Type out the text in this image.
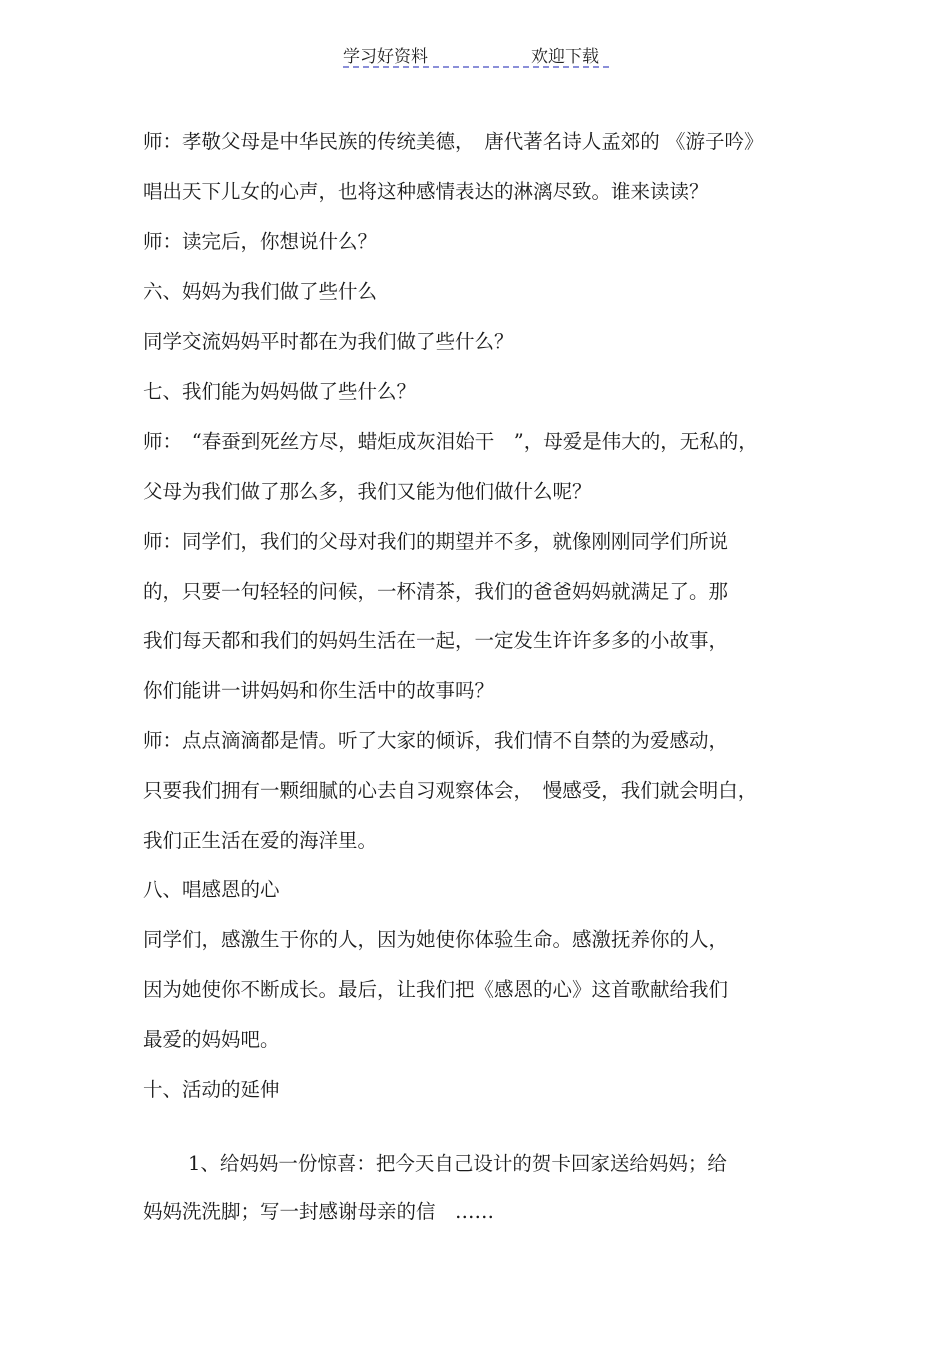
学习好资料	欢迎下载
师：孝敬父母是中华民族的传统美德，　唐代著名诗人孟郊的 《游子吟》
唱出天下儿女的心声，也将这种感情表达的淋漓尽致。谁来读读？
师：读完后，你想说什么？
六、妈妈为我们做了些什么
同学交流妈妈平时都在为我们做了些什么？
七、我们能为妈妈做了些什么？
师：　“春蚕到死丝方尽，蜡炬成灰泪始干　”，母爱是伟大的，无私的，
父母为我们做了那么多，我们又能为他们做什么呢？
师：同学们，我们的父母对我们的期望并不多，就像刚刚同学们所说
的，只要一句轻轻的问候，一杯清茶，我们的爸爸妈妈就满足了。那
我们每天都和我们的妈妈生活在一起，一定发生许许多多的小故事，
你们能讲一讲妈妈和你生活中的故事吗？
师：点点滴滴都是情。听了大家的倾诉，我们情不自禁的为爱感动，
只要我们拥有一颗细腻的心去自习观察体会，　慢感受，我们就会明白，
我们正生活在爱的海洋里。
八、唱感恩的心
同学们，感激生于你的人，因为她使你体验生命。感激抚养你的人，
因为她使你不断成长。最后，让我们把《感恩的心》这首歌献给我们
最爱的妈妈吧。
十、活动的延伸
1、给妈妈一份惊喜：把今天自己设计的贺卡回家送给妈妈；给
妈妈洗洗脚；写一封感谢母亲的信　……
